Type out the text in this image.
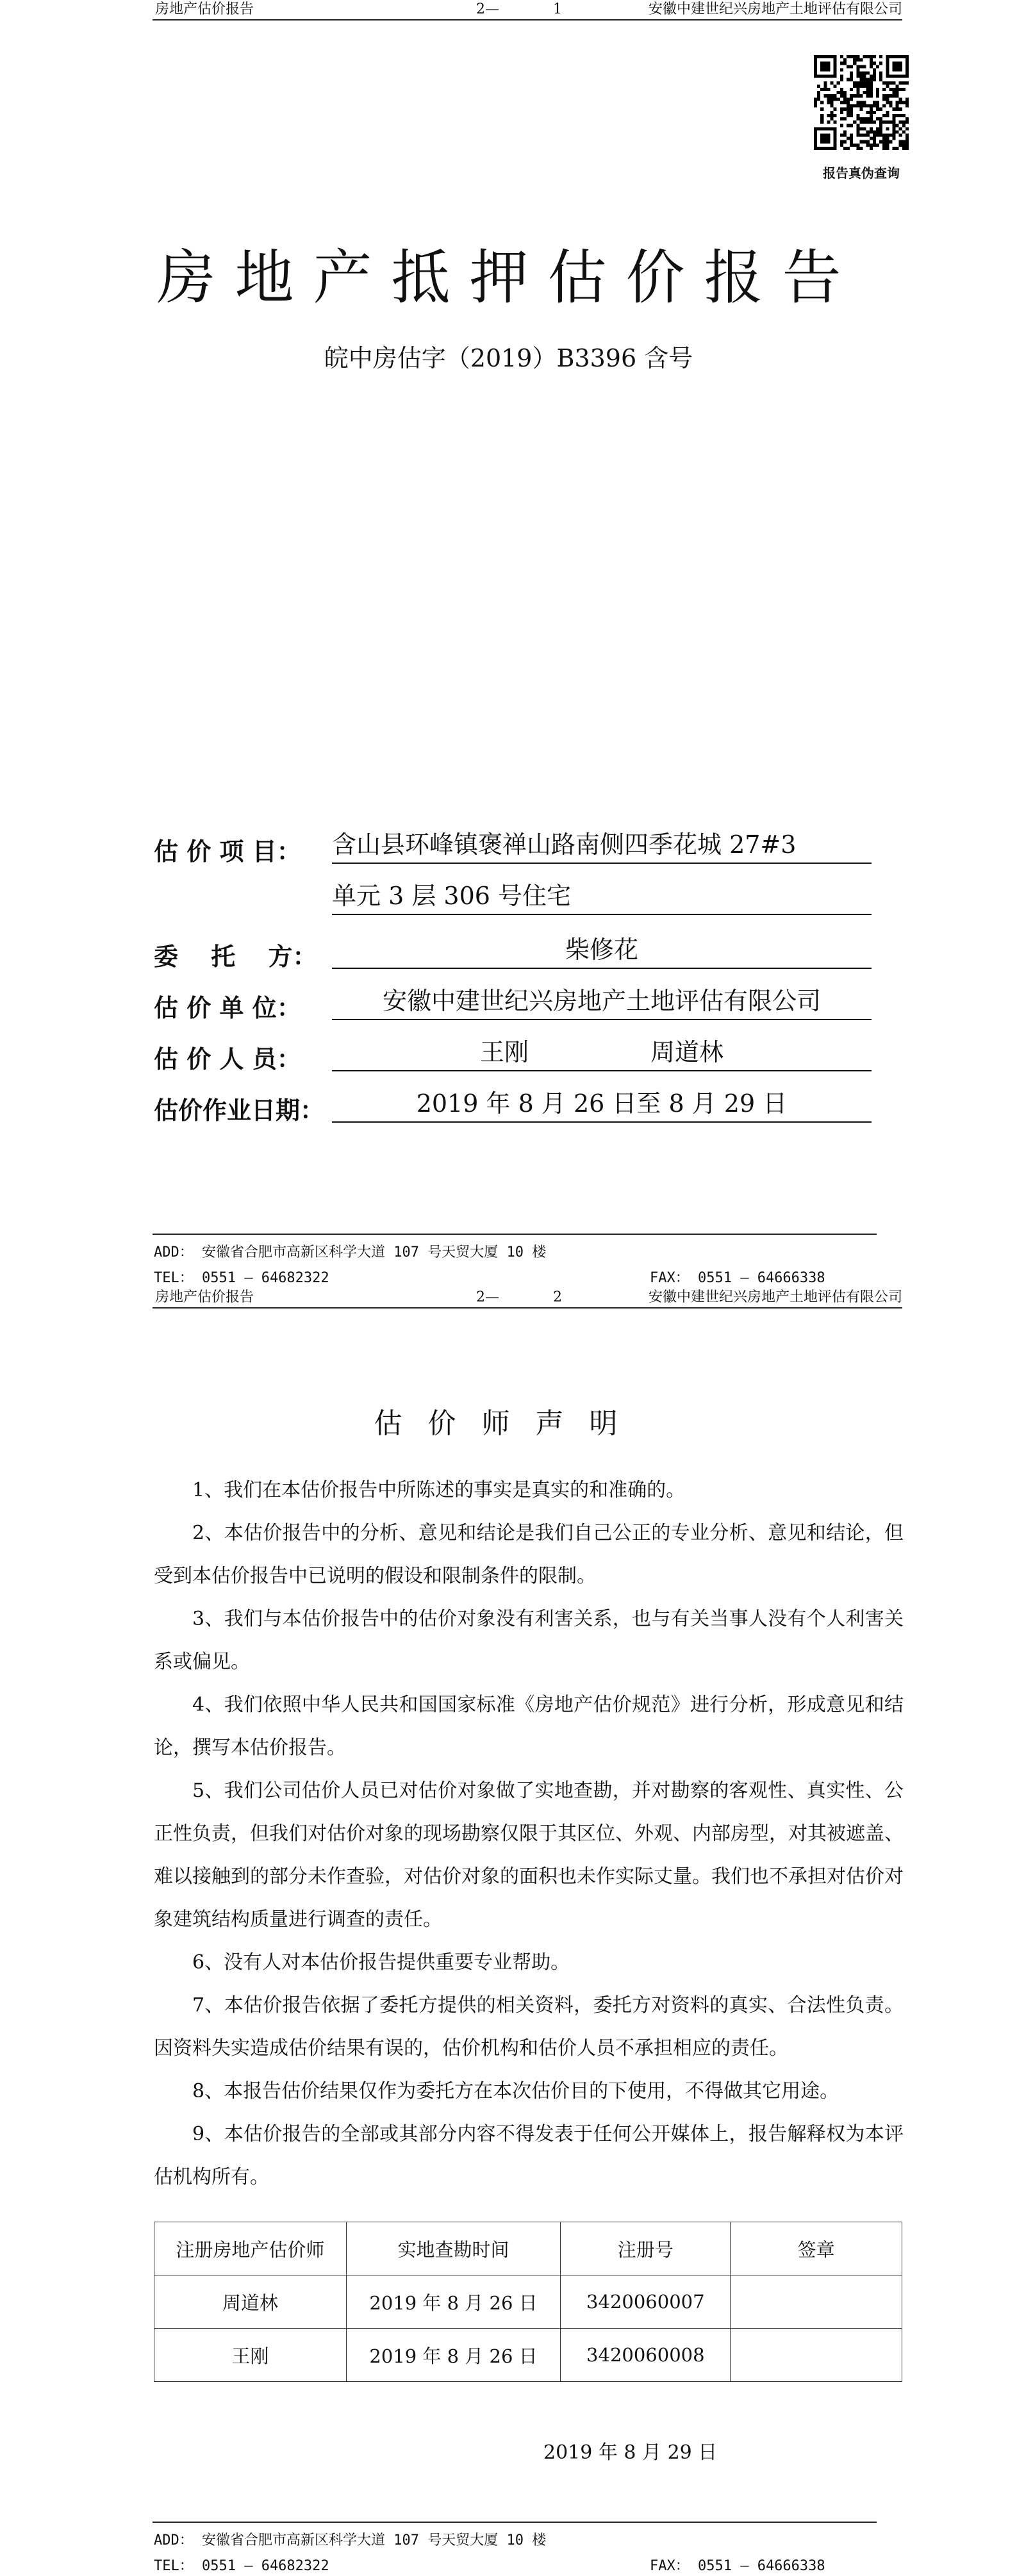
房地产估价报告	2—	1	安徽中建世纪兴房地产土地评估有限公司
报告真伪查询
房地产抵押估价报告
皖中房估字（2019）B3396 含号
估 价 项 目： 含山县环峰镇褒禅山路南侧四季花城 27#3
单元 3 层 306 号住宅
委　 托　 方：	柴修花
估 价 单 位：	安徽中建世纪兴房地产土地评估有限公司
估 价 人 员：	王刚　　　　　周道林
估价作业日期：	2019 年 8 月 26 日至 8 月 29 日
ADD： 安徽省合肥市高新区科学大道 107 号天贸大厦 10 楼
TEL： 0551 — 64682322	FAX： 0551 — 64666338
房地产估价报告	2—	2	安徽中建世纪兴房地产土地评估有限公司
ADD： 安徽省合肥市高新区科学大道 107 号天贸大厦 10 楼
TEL： 0551 — 64682322	FAX： 0551 — 64666338
估价师声明

1、我们在本估价报告中所陈述的事实是真实的和准确的。

2、本估价报告中的分析、意见和结论是我们自己公正的专业分析、意见和结论，但受到本估价报告中已说明的假设和限制条件的限制。

3、我们与本估价报告中的估价对象没有利害关系，也与有关当事人没有个人利害关系或偏见。

4、我们依照中华人民共和国国家标准《房地产估价规范》进行分析，形成意见和结论，撰写本估价报告。

5、我们公司估价人员已对估价对象做了实地查勘，并对勘察的客观性、真实性、公正性负责，但我们对估价对象的现场勘察仅限于其区位、外观、内部房型，对其被遮盖、难以接触到的部分未作查验，对估价对象的面积也未作实际丈量。我们也不承担对估价对象建筑结构质量进行调查的责任。

6、没有人对本估价报告提供重要专业帮助。

7、本估价报告依据了委托方提供的相关资料，委托方对资料的真实、合法性负责。因资料失实造成估价结果有误的，估价机构和估价人员不承担相应的责任。

8、本报告估价结果仅作为委托方在本次估价目的下使用，不得做其它用途。

9、本估价报告的全部或其部分内容不得发表于任何公开媒体上，报告解释权为本评估机构所有。

注册房地产估价师	实地查勘时间	注册号	签章
周道林	2019 年 8 月 26 日	3420060007	
王刚	2019 年 8 月 26 日	3420060008	
2019 年 8 月 29 日
